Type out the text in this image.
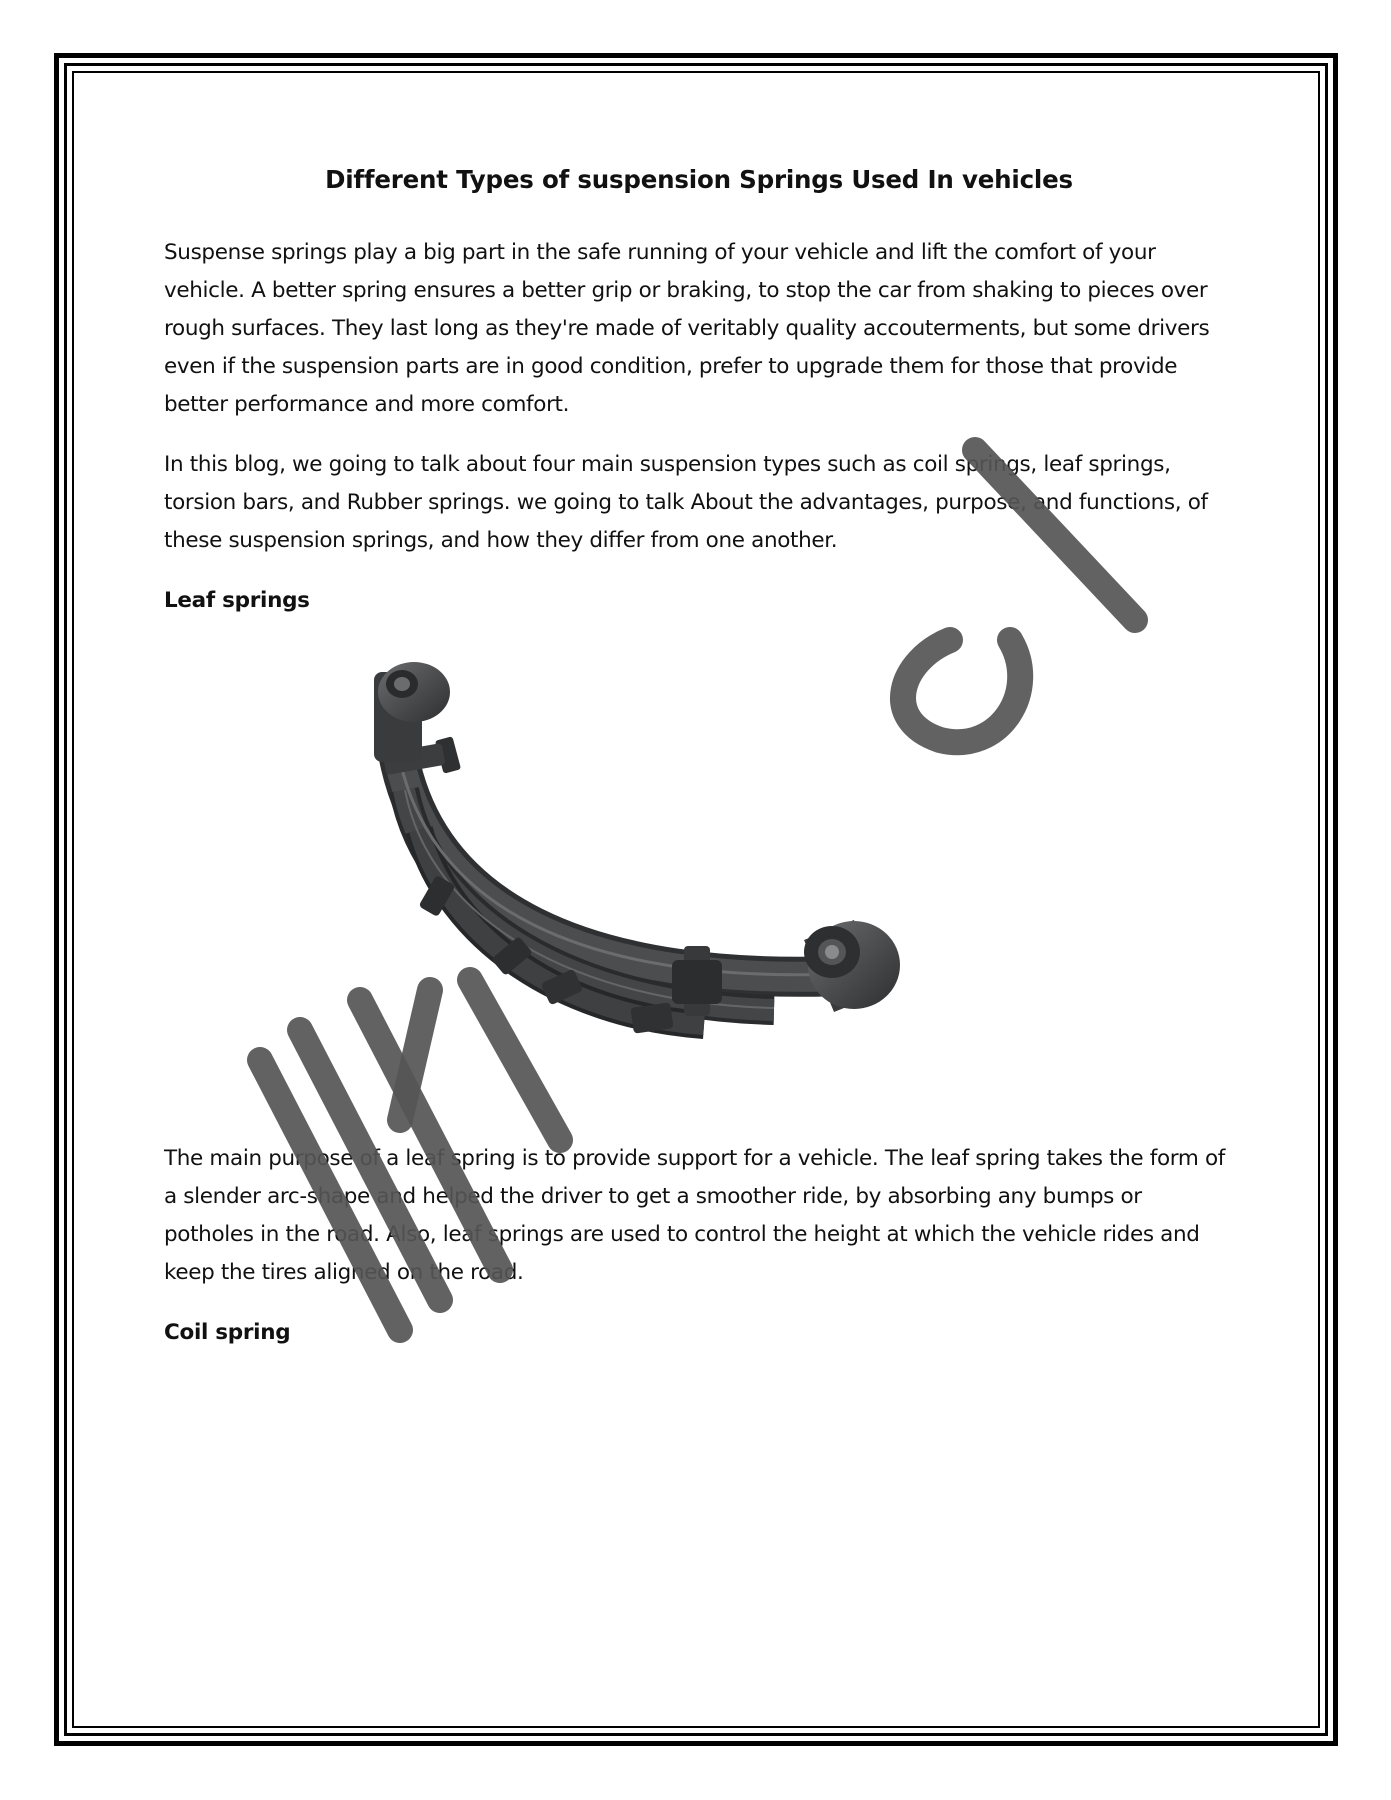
Different Types of suspension Springs Used In vehicles

Suspense springs play a big part in the safe running of your vehicle and lift the comfort of your vehicle. A better spring ensures a better grip or braking, to stop the car from shaking to pieces over rough surfaces. They last long as they're made of veritably quality accouterments, but some drivers even if the suspension parts are in good condition, prefer to upgrade them for those that provide better performance and more comfort.

In this blog, we going to talk about four main suspension types such as coil springs, leaf springs, torsion bars, and Rubber springs. we going to talk About the advantages, purpose, and functions, of these suspension springs, and how they differ from one another.

Leaf springs

The main purpose of a leaf spring is to provide support for a vehicle. The leaf spring takes the form of a slender arc-shape and helped the driver to get a smoother ride, by absorbing any bumps or potholes in the road. Also, leaf springs are used to control the height at which the vehicle rides and keep the tires aligned on the road.

Coil spring
